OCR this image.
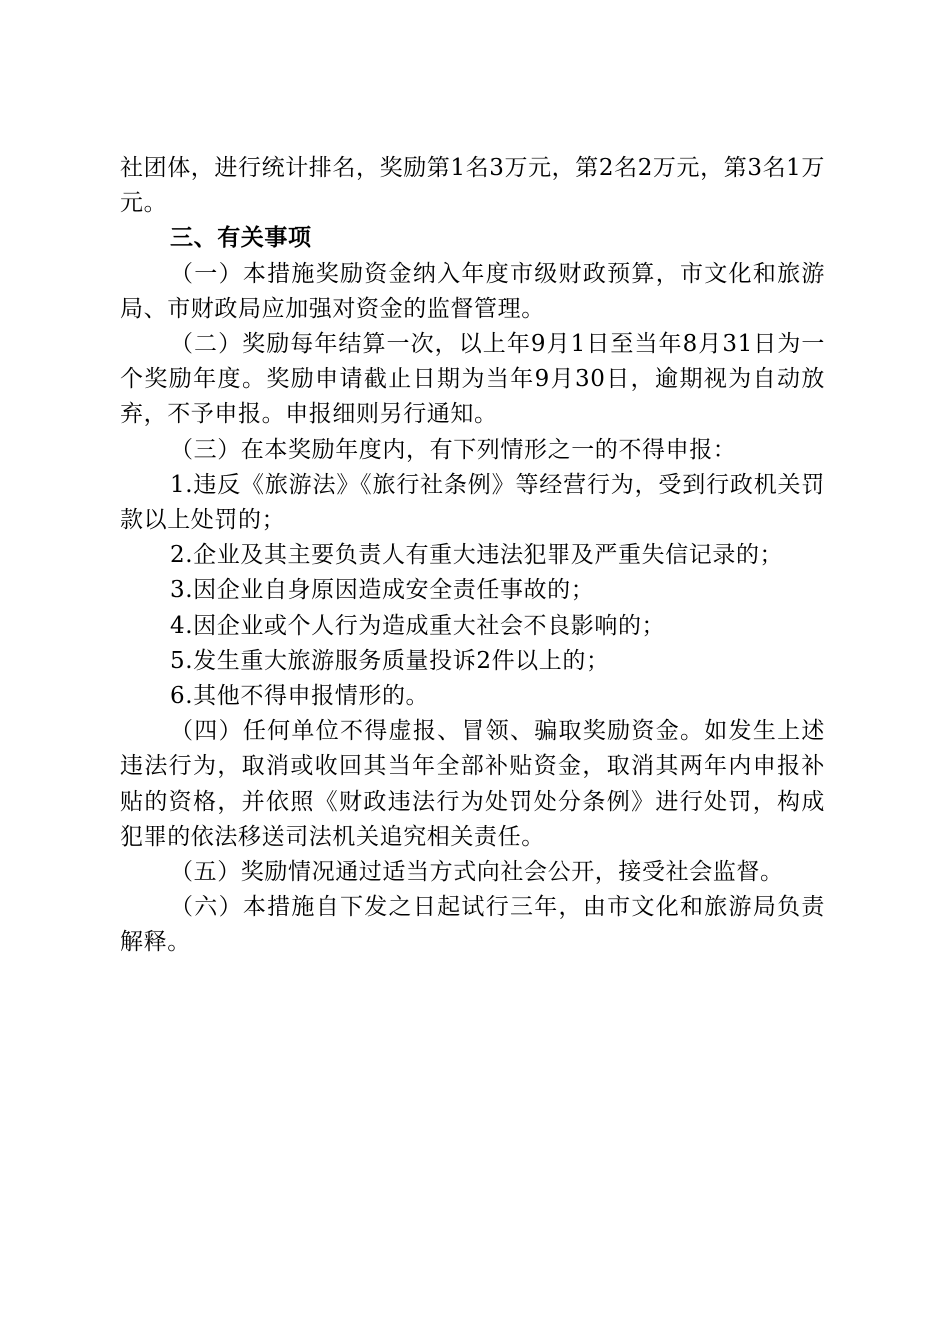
社团体，进行统计排名，奖励第1名3万元，第2名2万元，第3名1万元。

三、有关事项

（一）本措施奖励资金纳入年度市级财政预算，市文化和旅游局、市财政局应加强对资金的监督管理。

（二）奖励每年结算一次，以上年9月1日至当年8月31日为一个奖励年度。奖励申请截止日期为当年9月30日，逾期视为自动放弃，不予申报。申报细则另行通知。

（三）在本奖励年度内，有下列情形之一的不得申报：

1.违反《旅游法》《旅行社条例》等经营行为，受到行政机关罚款以上处罚的；

2.企业及其主要负责人有重大违法犯罪及严重失信记录的；

3.因企业自身原因造成安全责任事故的；

4.因企业或个人行为造成重大社会不良影响的；

5.发生重大旅游服务质量投诉2件以上的；

6.其他不得申报情形的。

（四）任何单位不得虚报、冒领、骗取奖励资金。如发生上述违法行为，取消或收回其当年全部补贴资金，取消其两年内申报补贴的资格，并依照《财政违法行为处罚处分条例》进行处罚，构成犯罪的依法移送司法机关追究相关责任。

（五）奖励情况通过适当方式向社会公开，接受社会监督。

（六）本措施自下发之日起试行三年，由市文化和旅游局负责解释。
